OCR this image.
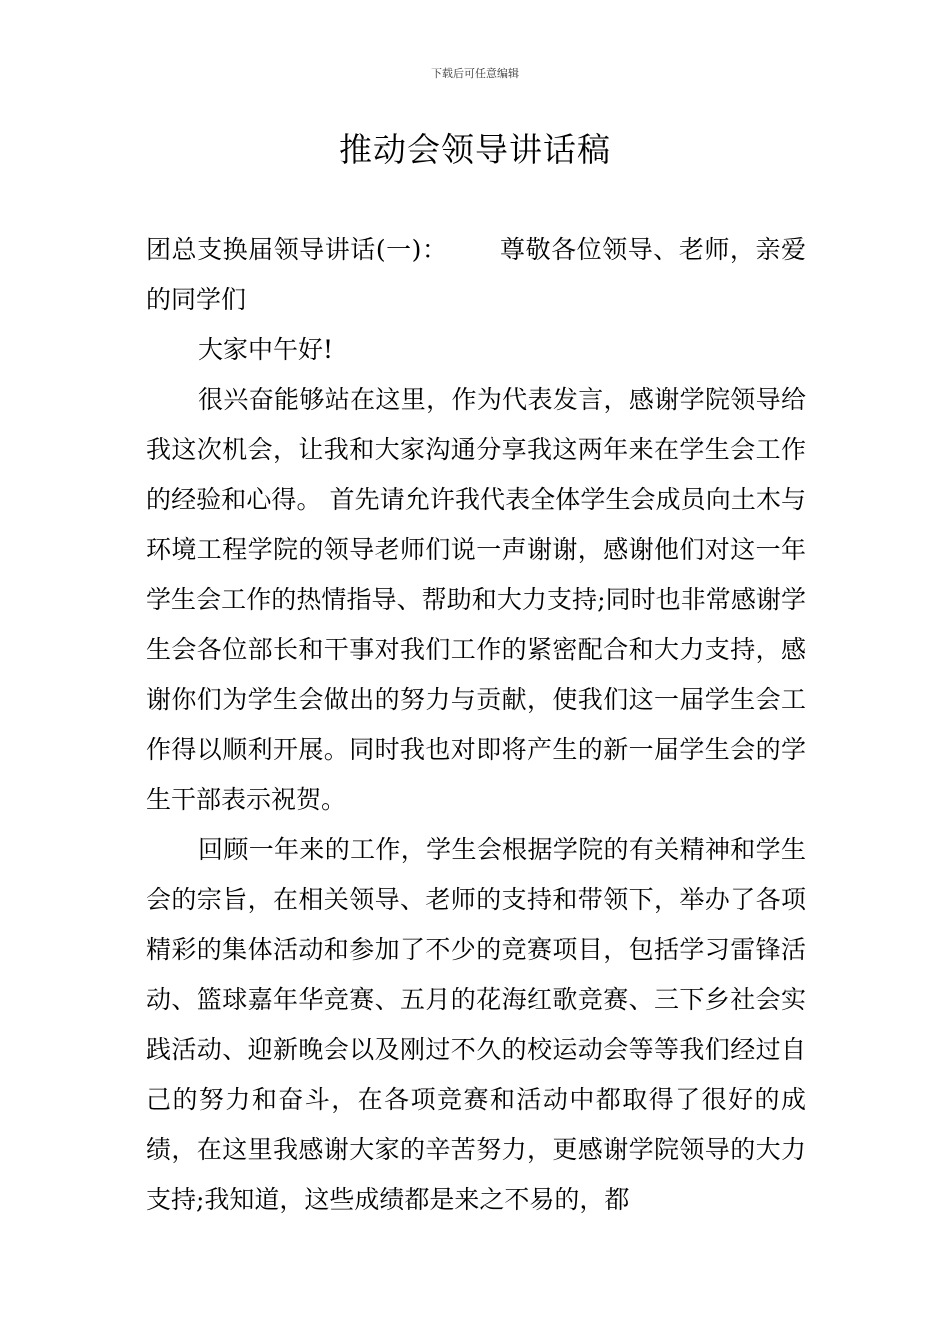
下载后可任意编辑
推动会领导讲话稿

团总支换届领导讲话(一)： 尊敬各位领导、老师，亲爱的同学们

大家中午好!

很兴奋能够站在这里，作为代表发言，感谢学院领导给我这次机会，让我和大家沟通分享我这两年来在学生会工作的经验和心得。 首先请允许我代表全体学生会成员向土木与环境工程学院的领导老师们说一声谢谢，感谢他们对这一年学生会工作的热情指导、帮助和大力支持;同时也非常感谢学生会各位部长和干事对我们工作的紧密配合和大力支持，感谢你们为学生会做出的努力与贡献，使我们这一届学生会工作得以顺利开展。同时我也对即将产生的新一届学生会的学生干部表示祝贺。

回顾一年来的工作，学生会根据学院的有关精神和学生会的宗旨，在相关领导、老师的支持和带领下，举办了各项精彩的集体活动和参加了不少的竞赛项目，包括学习雷锋活动、篮球嘉年华竞赛、五月的花海红歌竞赛、三下乡社会实践活动、迎新晚会以及刚过不久的校运动会等等我们经过自己的努力和奋斗，在各项竞赛和活动中都取得了很好的成绩，在这里我感谢大家的辛苦努力，更感谢学院领导的大力支持;我知道，这些成绩都是来之不易的，都
